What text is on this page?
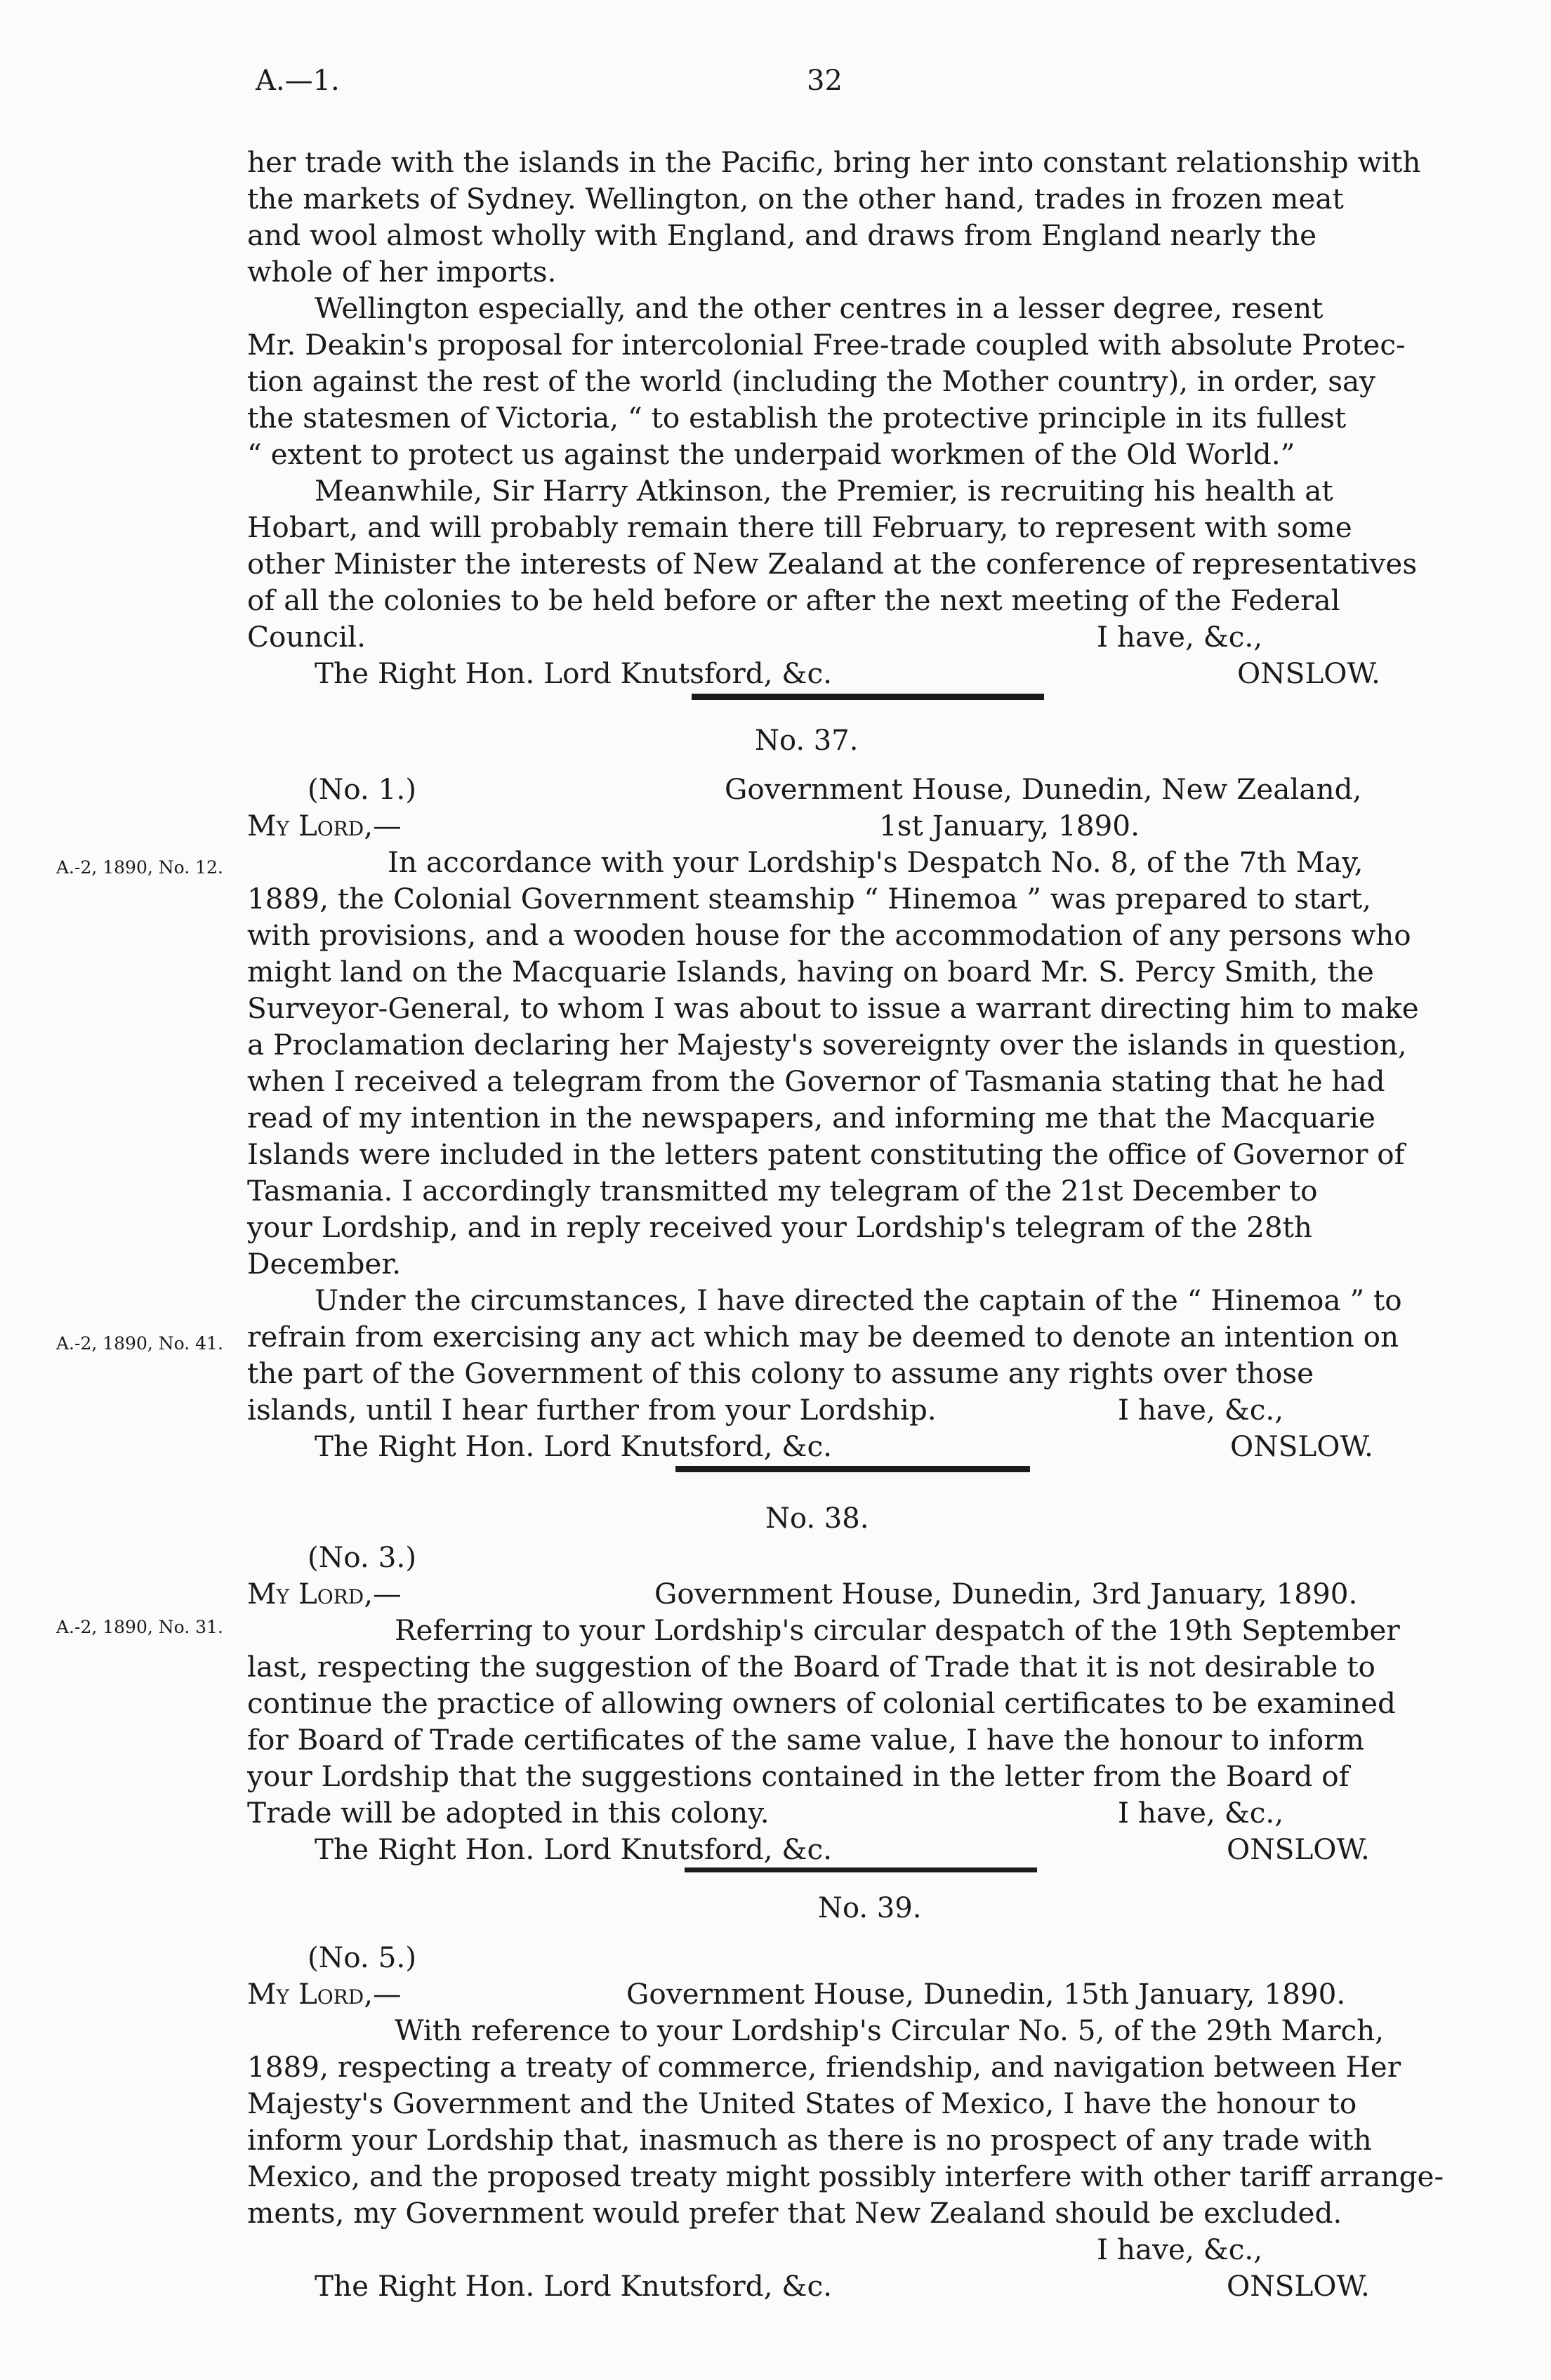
A.—1.	32

her trade with the islands in the Pacific, bring her into constant relationship with
the markets of Sydney. Wellington, on the other hand, trades in frozen meat
and wool almost wholly with England, and draws from England nearly the
whole of her imports.

Wellington especially, and the other centres in a lesser degree, resent
Mr. Deakin's proposal for intercolonial Free-trade coupled with absolute Protec-
tion against the rest of the world (including the Mother country), in order, say
the statesmen of Victoria, “ to establish the protective principle in its fullest
“ extent to protect us against the underpaid workmen of the Old World.”

Meanwhile, Sir Harry Atkinson, the Premier, is recruiting his health at
Hobart, and will probably remain there till February, to represent with some
other Minister the interests of New Zealand at the conference of representatives
of all the colonies to be held before or after the next meeting of the Federal

Council.	I have, &c.,
The Right Hon. Lord Knutsford, &c.	ONSLOW.
No. 37.
A.-2, 1890, No. 12.
A.-2, 1890, No. 41.
(No. 1.)	Government House, Dunedin, New Zealand,
My Lord,—	1st January, 1890.

In accordance with your Lordship's Despatch No. 8, of the 7th May,
1889, the Colonial Government steamship “ Hinemoa ” was prepared to start,
with provisions, and a wooden house for the accommodation of any persons who
might land on the Macquarie Islands, having on board Mr. S. Percy Smith, the
Surveyor-General, to whom I was about to issue a warrant directing him to make
a Proclamation declaring her Majesty's sovereignty over the islands in question,
when I received a telegram from the Governor of Tasmania stating that he had
read of my intention in the newspapers, and informing me that the Macquarie
Islands were included in the letters patent constituting the office of Governor of
Tasmania. I accordingly transmitted my telegram of the 21st December to
your Lordship, and in reply received your Lordship's telegram of the 28th
December.

Under the circumstances, I have directed the captain of the “ Hinemoa ” to
refrain from exercising any act which may be deemed to denote an intention on
the part of the Government of this colony to assume any rights over those

islands, until I hear further from your Lordship.	I have, &c.,
The Right Hon. Lord Knutsford, &c.	ONSLOW.
No. 38.
A.-2, 1890, No. 31.
(No. 3.)
My Lord,—	Government House, Dunedin, 3rd January, 1890.

Referring to your Lordship's circular despatch of the 19th September
last, respecting the suggestion of the Board of Trade that it is not desirable to
continue the practice of allowing owners of colonial certificates to be examined
for Board of Trade certificates of the same value, I have the honour to inform
your Lordship that the suggestions contained in the letter from the Board of

Trade will be adopted in this colony.	I have, &c.,
The Right Hon. Lord Knutsford, &c.	ONSLOW.
No. 39.
(No. 5.)
My Lord,—	Government House, Dunedin, 15th January, 1890.

With reference to your Lordship's Circular No. 5, of the 29th March,
1889, respecting a treaty of commerce, friendship, and navigation between Her
Majesty's Government and the United States of Mexico, I have the honour to
inform your Lordship that, inasmuch as there is no prospect of any trade with
Mexico, and the proposed treaty might possibly interfere with other tariff arrange-
ments, my Government would prefer that New Zealand should be excluded.

I have, &c.,
The Right Hon. Lord Knutsford, &c.	ONSLOW.
